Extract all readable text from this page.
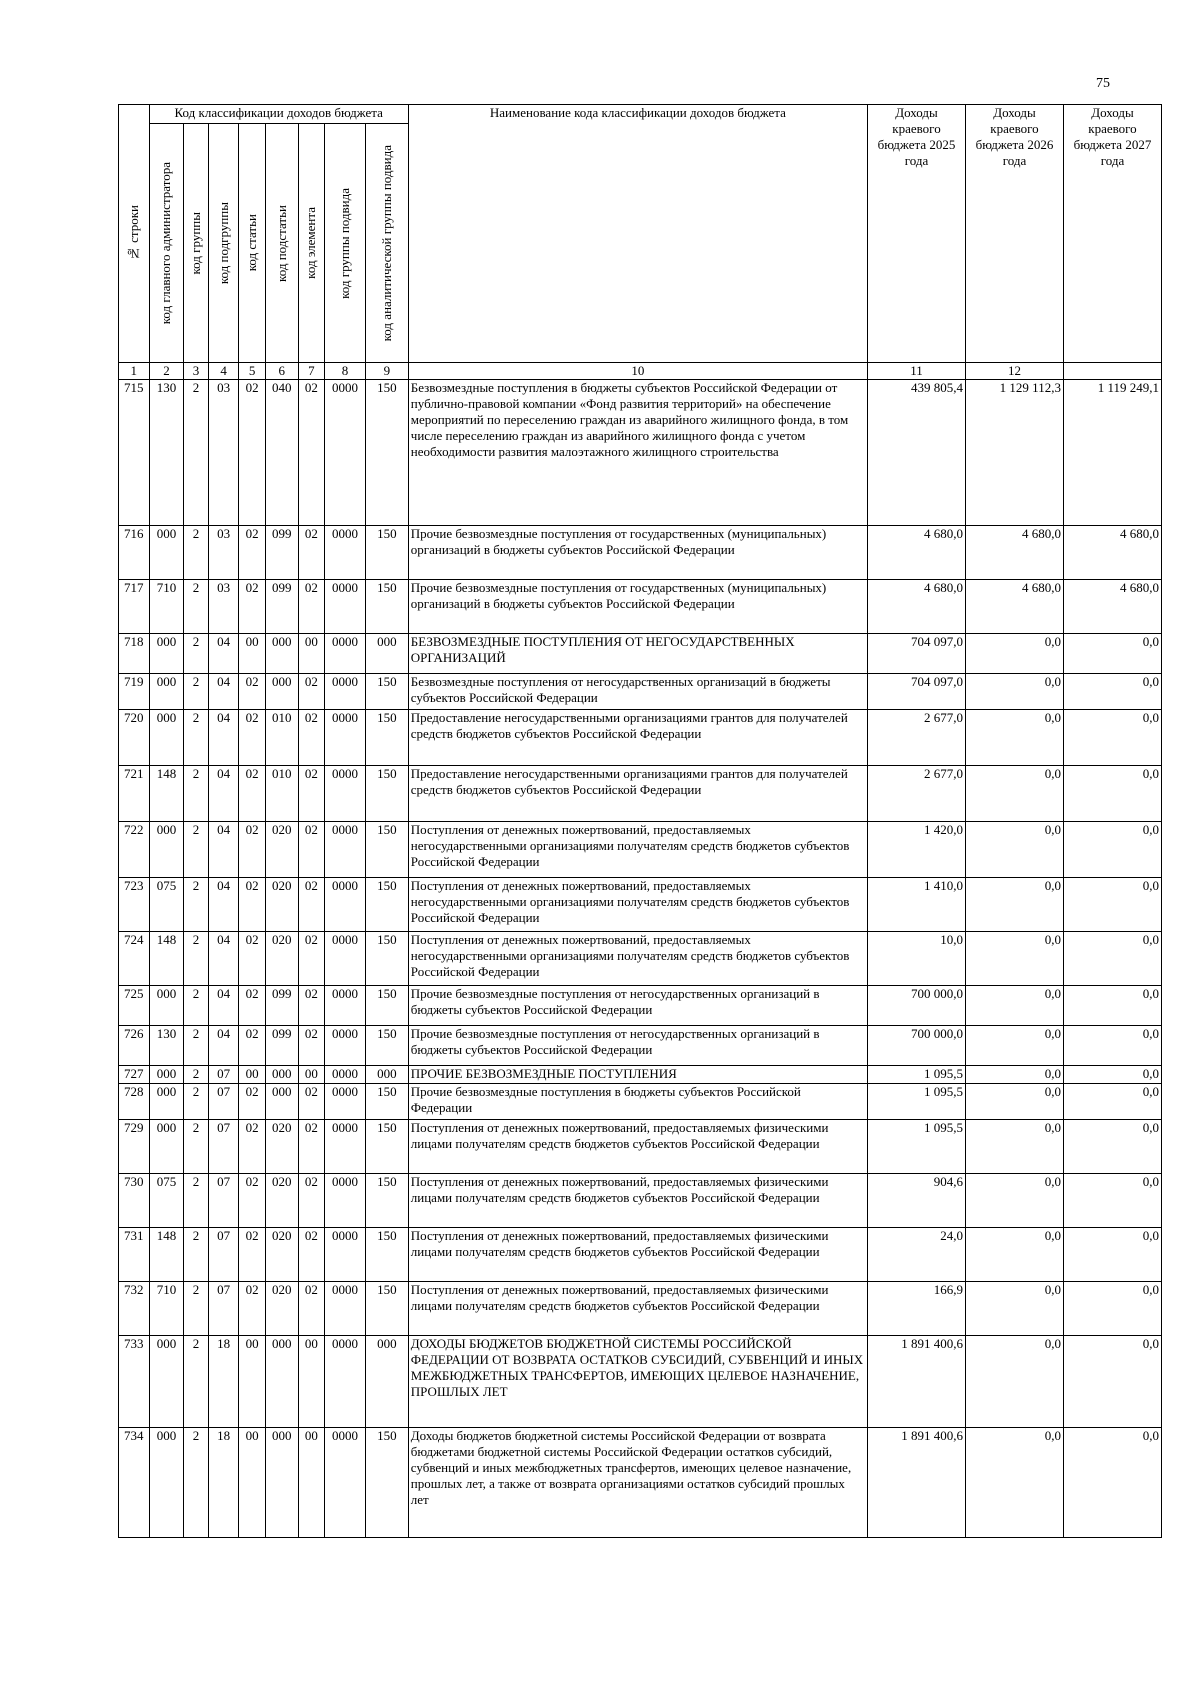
75
№ строки	Код классификации доходов бюджета								Наименование кода классификации доходов бюджета	Доходы краевого бюджета 2025 года	Доходы краевого бюджета 2026 года	Доходы краевого бюджета 2027 года

	код главного администратора	код группы	код подгруппы	код статьи	код подстатьи	код элемента	код группы подвида	код аналитической группы подвида				

1	2	3	4	5	6	7	8	9	10	11	12	
715	130	2	03	02	040	02	0000	150	Безвозмездные поступления в бюджеты субъектов Российской Федерации от публично-правовой компании «Фонд развития территорий» на обеспечение мероприятий по переселению граждан из аварийного жилищного фонда, в том числе переселению граждан из аварийного жилищного фонда с учетом необходимости развития малоэтажного жилищного строительства	439 805,4	1 129 112,3	1 119 249,1
716	000	2	03	02	099	02	0000	150	Прочие безвозмездные поступления от государственных (муниципальных) организаций в бюджеты субъектов Российской Федерации	4 680,0	4 680,0	4 680,0
717	710	2	03	02	099	02	0000	150	Прочие безвозмездные поступления от государственных (муниципальных) организаций в бюджеты субъектов Российской Федерации	4 680,0	4 680,0	4 680,0
718	000	2	04	00	000	00	0000	000	БЕЗВОЗМЕЗДНЫЕ ПОСТУПЛЕНИЯ ОТ НЕГОСУДАРСТВЕННЫХ ОРГАНИЗАЦИЙ	704 097,0	0,0	0,0
719	000	2	04	02	000	02	0000	150	Безвозмездные поступления от негосударственных организаций в бюджеты субъектов Российской Федерации	704 097,0	0,0	0,0
720	000	2	04	02	010	02	0000	150	Предоставление негосударственными организациями грантов для получателей средств бюджетов субъектов Российской Федерации	2 677,0	0,0	0,0
721	148	2	04	02	010	02	0000	150	Предоставление негосударственными организациями грантов для получателей средств бюджетов субъектов Российской Федерации	2 677,0	0,0	0,0
722	000	2	04	02	020	02	0000	150	Поступления от денежных пожертвований, предоставляемых негосударственными организациями получателям средств бюджетов субъектов Российской Федерации	1 420,0	0,0	0,0
723	075	2	04	02	020	02	0000	150	Поступления от денежных пожертвований, предоставляемых негосударственными организациями получателям средств бюджетов субъектов Российской Федерации	1 410,0	0,0	0,0
724	148	2	04	02	020	02	0000	150	Поступления от денежных пожертвований, предоставляемых негосударственными организациями получателям средств бюджетов субъектов Российской Федерации	10,0	0,0	0,0
725	000	2	04	02	099	02	0000	150	Прочие безвозмездные поступления от негосударственных организаций в бюджеты субъектов Российской Федерации	700 000,0	0,0	0,0
726	130	2	04	02	099	02	0000	150	Прочие безвозмездные поступления от негосударственных организаций в бюджеты субъектов Российской Федерации	700 000,0	0,0	0,0
727	000	2	07	00	000	00	0000	000	ПРОЧИЕ БЕЗВОЗМЕЗДНЫЕ ПОСТУПЛЕНИЯ	1 095,5	0,0	0,0
728	000	2	07	02	000	02	0000	150	Прочие безвозмездные поступления в бюджеты субъектов Российской Федерации	1 095,5	0,0	0,0
729	000	2	07	02	020	02	0000	150	Поступления от денежных пожертвований, предоставляемых физическими лицами получателям средств бюджетов субъектов Российской Федерации	1 095,5	0,0	0,0
730	075	2	07	02	020	02	0000	150	Поступления от денежных пожертвований, предоставляемых физическими лицами получателям средств бюджетов субъектов Российской Федерации	904,6	0,0	0,0
731	148	2	07	02	020	02	0000	150	Поступления от денежных пожертвований, предоставляемых физическими лицами получателям средств бюджетов субъектов Российской Федерации	24,0	0,0	0,0
732	710	2	07	02	020	02	0000	150	Поступления от денежных пожертвований, предоставляемых физическими лицами получателям средств бюджетов субъектов Российской Федерации	166,9	0,0	0,0
733	000	2	18	00	000	00	0000	000	ДОХОДЫ БЮДЖЕТОВ БЮДЖЕТНОЙ СИСТЕМЫ РОССИЙСКОЙ ФЕДЕРАЦИИ ОТ ВОЗВРАТА ОСТАТКОВ СУБСИДИЙ, СУБВЕНЦИЙ И ИНЫХ МЕЖБЮДЖЕТНЫХ ТРАНСФЕРТОВ, ИМЕЮЩИХ ЦЕЛЕВОЕ НАЗНАЧЕНИЕ, ПРОШЛЫХ ЛЕТ	1 891 400,6	0,0	0,0
734	000	2	18	00	000	00	0000	150	Доходы бюджетов бюджетной системы Российской Федерации от возврата бюджетами бюджетной системы Российской Федерации остатков субсидий, субвенций и иных межбюджетных трансфертов, имеющих целевое назначение, прошлых лет, а также от возврата организациями остатков субсидий прошлых лет	1 891 400,6	0,0	0,0
